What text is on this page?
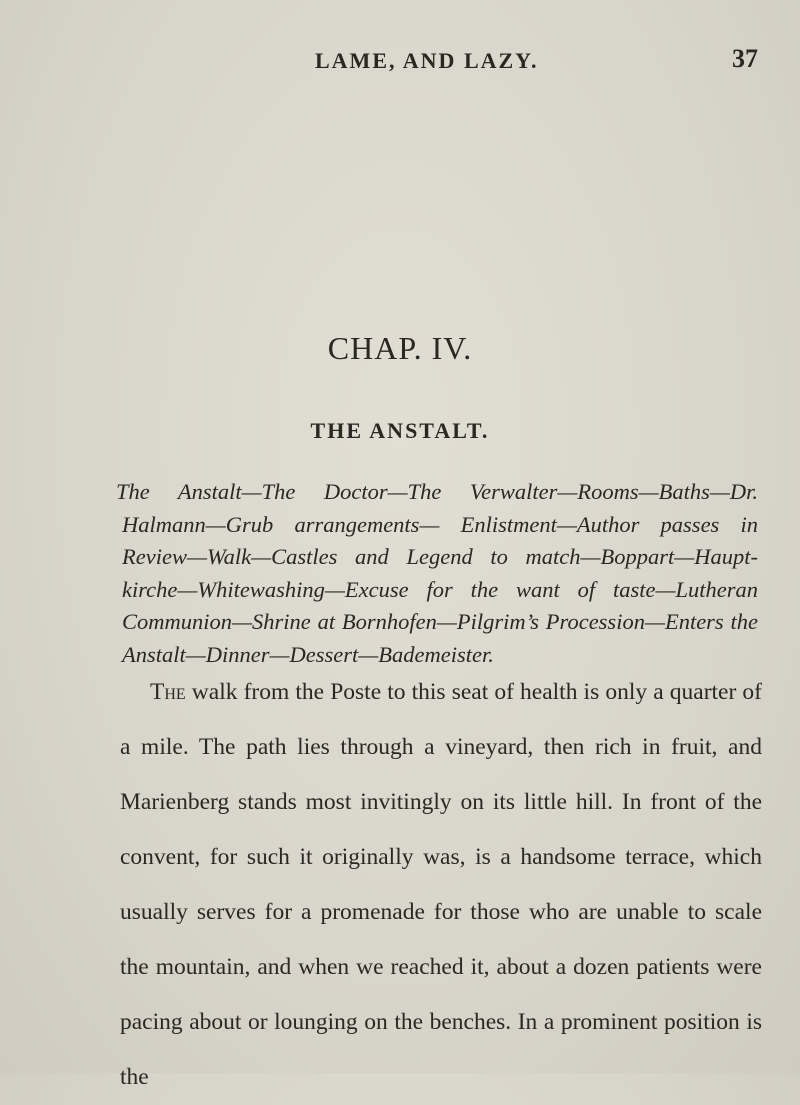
LAME, AND LAZY.	37
CHAP. IV.
THE ANSTALT.
The Anstalt—The Doctor—The Verwalter—Rooms—Baths—Dr. Halmann—Grub arrangements— Enlistment—Author passes in Review—Walk—Castles and Legend to match—Boppart—Haupt-kirche—Whitewashing—Excuse for the want of taste—Lutheran Communion—Shrine at Bornhofen—Pilgrim’s Procession—Enters the Anstalt—Dinner—Dessert—Bademeister.
The walk from the Poste to this seat of health is only a quarter of a mile. The path lies through a vineyard, then rich in fruit, and Marienberg stands most invitingly on its little hill. In front of the convent, for such it originally was, is a handsome terrace, which usually serves for a promenade for those who are unable to scale the mountain, and when we reached it, about a dozen patients were pacing about or lounging on the benches. In a prominent position is the
